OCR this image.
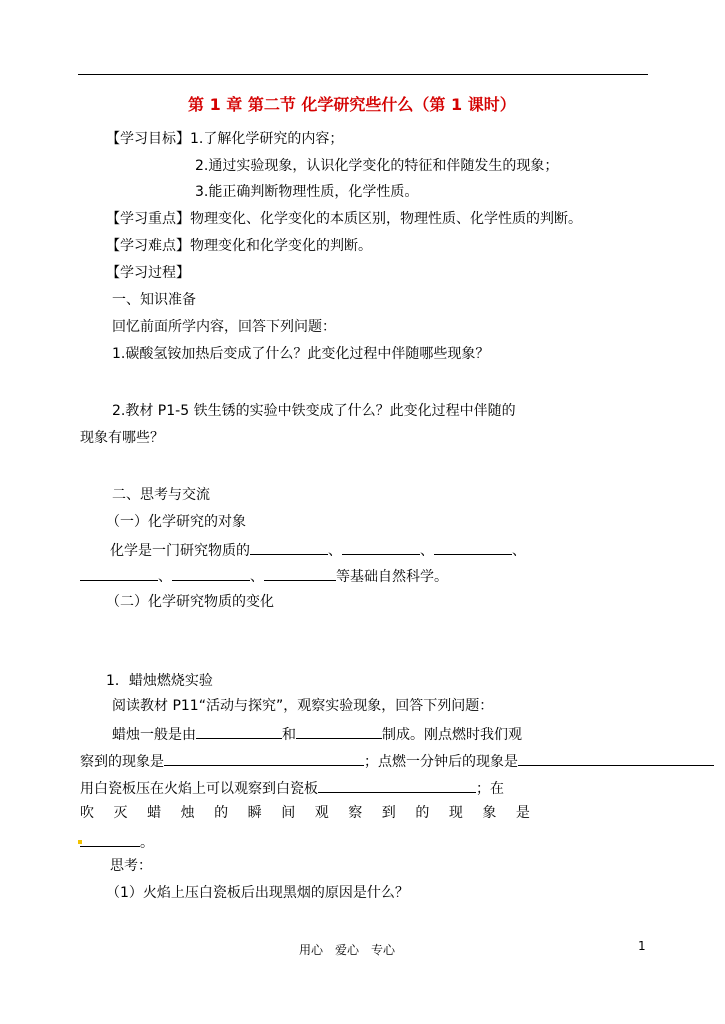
第 1 章 第二节 化学研究些什么（第 1 课时）
【学习目标】1.了解化学研究的内容；
2.通过实验现象，认识化学变化的特征和伴随发生的现象；
3.能正确判断物理性质，化学性质。
【学习重点】物理变化、化学变化的本质区别，物理性质、化学性质的判断。
【学习难点】物理变化和化学变化的判断。
【学习过程】
一、知识准备
回忆前面所学内容，回答下列问题：
1.碳酸氢铵加热后变成了什么？此变化过程中伴随哪些现象？
2.教材 P1-5 铁生锈的实验中铁变成了什么？此变化过程中伴随的
现象有哪些？
二、思考与交流
（一）化学研究的对象
化学是一门研究物质的	、	、	、
、	、	等基础自然科学。
（二）化学研究物质的变化
1．蜡烛燃烧实验
阅读教材 P11“活动与探究”，观察实验现象，回答下列问题：
蜡烛一般是由	和	制成。刚点燃时我们观
察到的现象是	；点燃一分钟后的现象是
用白瓷板压在火焰上可以观察到白瓷板	；在
吹 灭 蜡 烛 的 瞬 间 观 察 到 的 现 象 是
。
思考：
（1）火焰上压白瓷板后出现黑烟的原因是什么？
用心　爱心　专心	1
